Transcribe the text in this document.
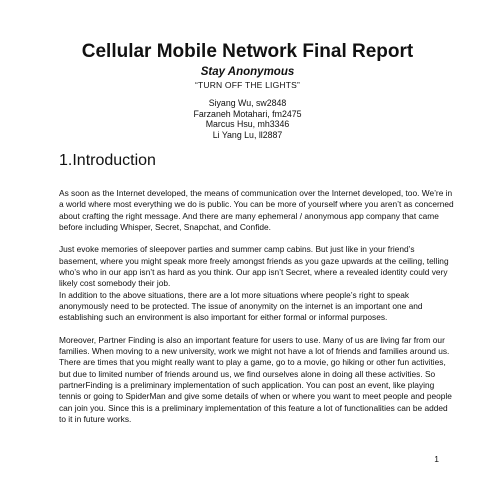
Cellular Mobile Network Final Report
Stay Anonymous
“TURN OFF THE LIGHTS”
Siyang Wu, sw2848
Farzaneh Motahari, fm2475
Marcus Hsu, mh3346
Li Yang Lu, ll2887
1.Introduction

As soon as the Internet developed, the means of communication over the Internet developed, too. We’re in a world where most everything we do is public. You can be more of yourself where you aren’t as concerned about crafting the right message. And there are many ephemeral / anonymous app company that came before including Whisper, Secret, Snapchat, and Confide.

Just evoke memories of sleepover parties and summer camp cabins. But just like in your friend’s basement, where you might speak more freely amongst friends as you gaze upwards at the ceiling, telling who’s who in our app isn’t as hard as you think. Our app isn’t Secret, where a revealed identity could very likely cost somebody their job.

In addition to the above situations, there are a lot more situations where people’s right to speak anonymously need to be protected. The issue of anonymity on the internet is an important one and establishing such an environment is also important for either formal or informal purposes.

Moreover, Partner Finding is also an important feature for users to use. Many of us are living far from our families. When moving to a new university, work we might not have a lot of friends and families around us. There are times that you might really want to play a game, go to a movie, go hiking or other fun activities, but due to limited number of friends around us, we find ourselves alone in doing all these activities. So partnerFinding is a preliminary implementation of such application. You can post an event, like playing tennis or going to SpiderMan and give some details of when or where you want to meet people and people can join you. Since this is a preliminary implementation of this feature a lot of functionalities can be added to it in future works.

1
